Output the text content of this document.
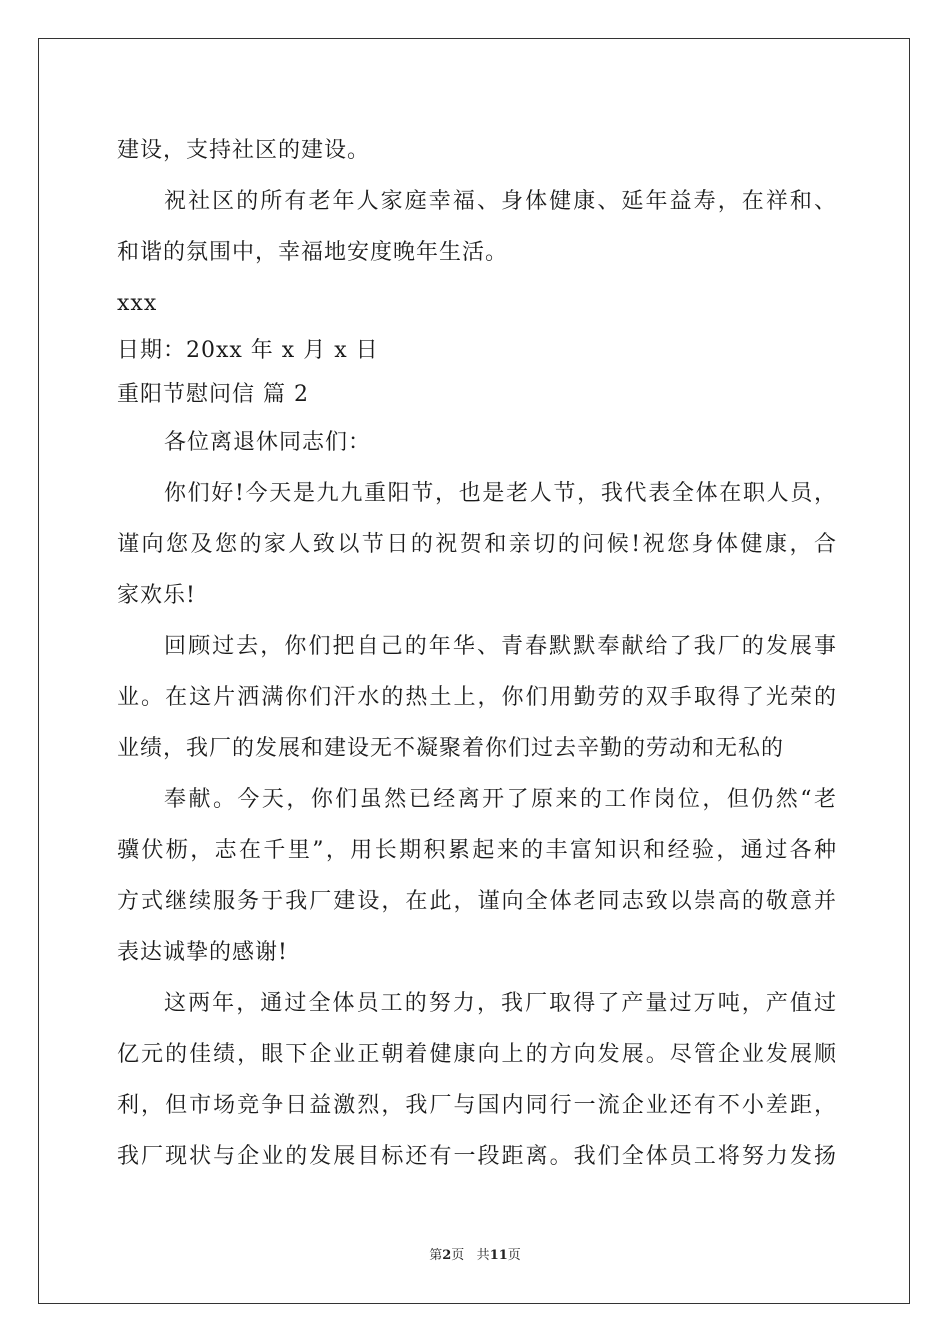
建设，支持社区的建设。
祝社区的所有老年人家庭幸福、身体健康、延年益寿，在祥和、
和谐的氛围中，幸福地安度晚年生活。
xxx
日期：20xx 年 x 月 x 日
重阳节慰问信 篇 2
各位离退休同志们：
你们好!今天是九九重阳节，也是老人节，我代表全体在职人员，
谨向您及您的家人致以节日的祝贺和亲切的问候!祝您身体健康，合
家欢乐!
回顾过去，你们把自己的年华、青春默默奉献给了我厂的发展事
业。在这片洒满你们汗水的热土上，你们用勤劳的双手取得了光荣的
业绩，我厂的发展和建设无不凝聚着你们过去辛勤的劳动和无私的
奉献。今天，你们虽然已经离开了原来的工作岗位，但仍然“老
骥伏枥，志在千里”，用长期积累起来的丰富知识和经验，通过各种
方式继续服务于我厂建设，在此，谨向全体老同志致以崇高的敬意并
表达诚挚的感谢!
这两年，通过全体员工的努力，我厂取得了产量过万吨，产值过
亿元的佳绩，眼下企业正朝着健康向上的方向发展。尽管企业发展顺
利，但市场竞争日益激烈，我厂与国内同行一流企业还有不小差距，
我厂现状与企业的发展目标还有一段距离。我们全体员工将努力发扬
第2页 共11页
